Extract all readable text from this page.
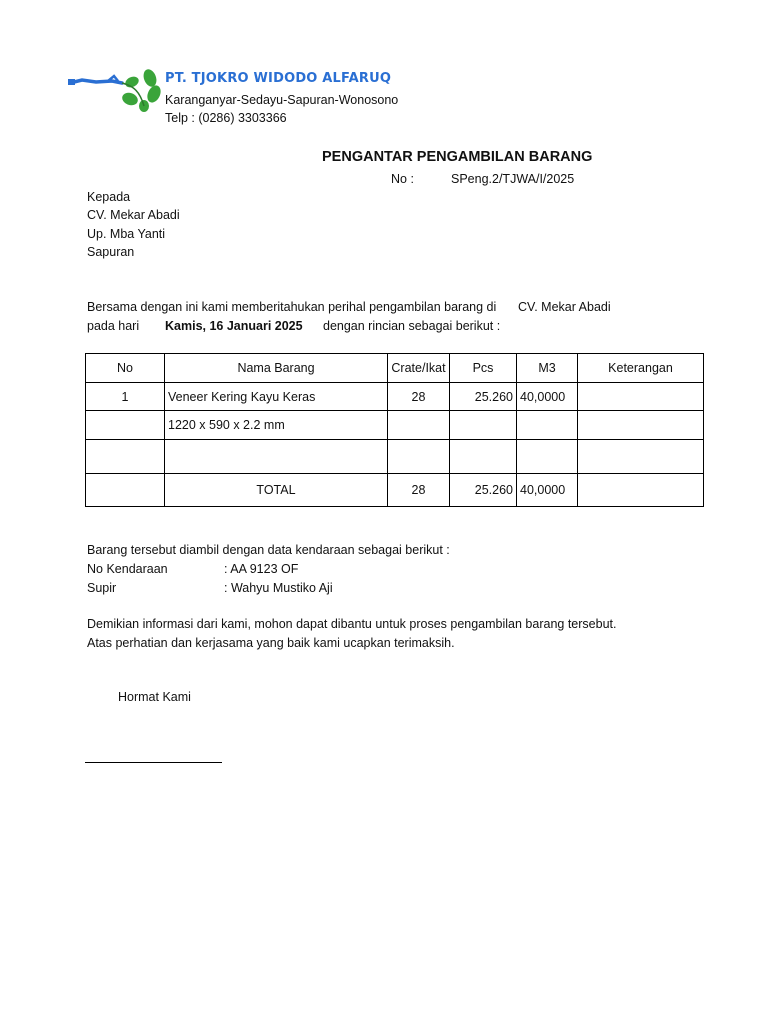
PT. TJOKRO WIDODO ALFARUQ
Karanganyar-Sedayu-Sapuran-Wonosono
Telp : (0286) 3303366
PENGANTAR PENGAMBILAN BARANG
No :	SPeng.2/TJWA/I/2025
Kepada
CV. Mekar Abadi
Up. Mba Yanti
Sapuran
Bersama dengan ini kami memberitahukan perihal pengambilan barang di CV. Mekar Abadi
pada hari Kamis, 16 Januari 2025 dengan rincian sebagai berikut :
No	Nama Barang	Crate/Ikat	Pcs	M3	Keterangan
1	Veneer Kering Kayu Keras	28	25.260	40,0000	
	1220 x 590 x 2.2 mm				

	TOTAL	28	25.260	40,0000	
Barang tersebut diambil dengan data kendaraan sebagai berikut :
No Kendaraan	: AA 9123 OF
Supir	: Wahyu Mustiko Aji
Demikian informasi dari kami, mohon dapat dibantu untuk proses pengambilan barang tersebut.
Atas perhatian dan kerjasama yang baik kami ucapkan terimaksih.
Hormat Kami
